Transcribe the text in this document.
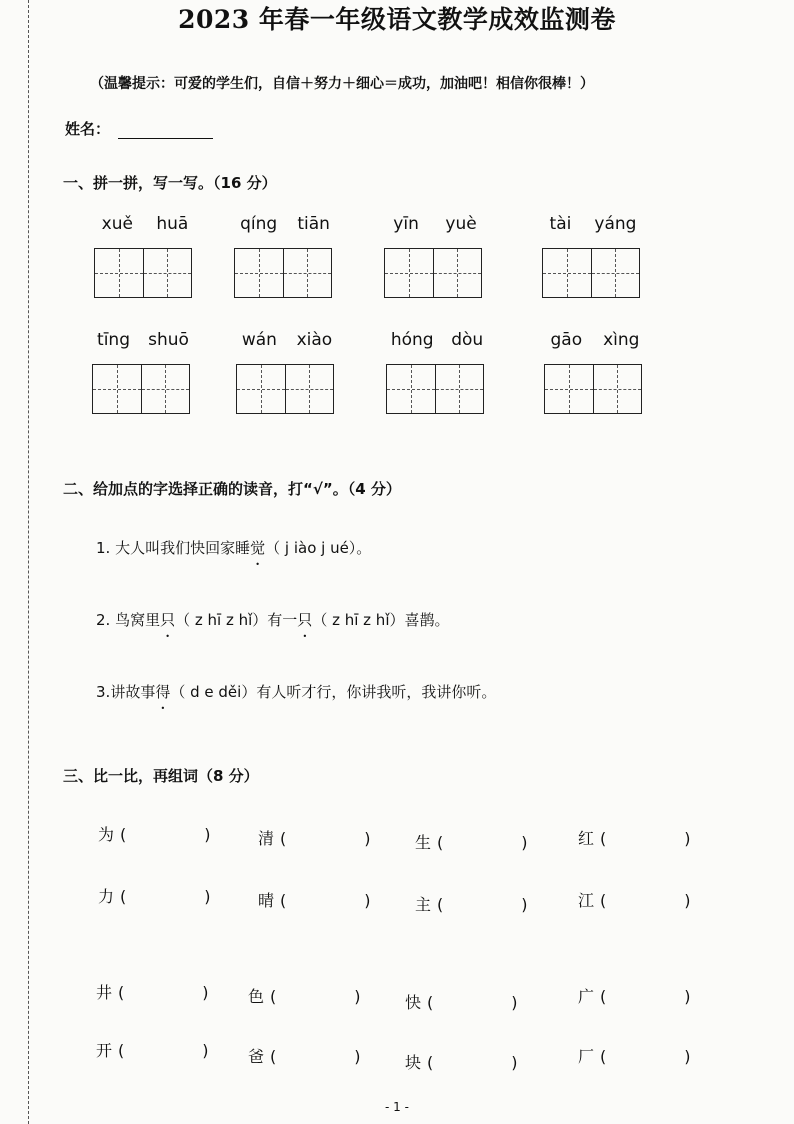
2023 年春一年级语文教学成效监测卷
（温馨提示：可爱的学生们，自信＋努力＋细心＝成功，加油吧！相信你很棒！）
姓名：
一、拼一拼，写一写。（16 分）
xuě huā	qíng tiān	yīn yuè	tài yáng
tīng shuō	wán xiào	hóng dòu	gāo xìng
二、给加点的字选择正确的读音，打“√”。（4 分）
1. 大人叫我们快回家睡觉（ j iào j ué）。
2. 鸟窝里只（ z hī z hǐ）有一只（ z hī z hǐ）喜鹊。
3.讲故事得（ d e děi）有人听才行，你讲我听，我讲你听。
三、比一比，再组词（8 分）
为 (	)	清 (	)	生 (	)	红 (	)
力 (	)	晴 (	)	主 (	)	江 (	)
井 (	) 色 (	)	快 (	)	广 (	)
开 (	) 爸 (	)	块 (	)	厂 (	)
- 1 -
